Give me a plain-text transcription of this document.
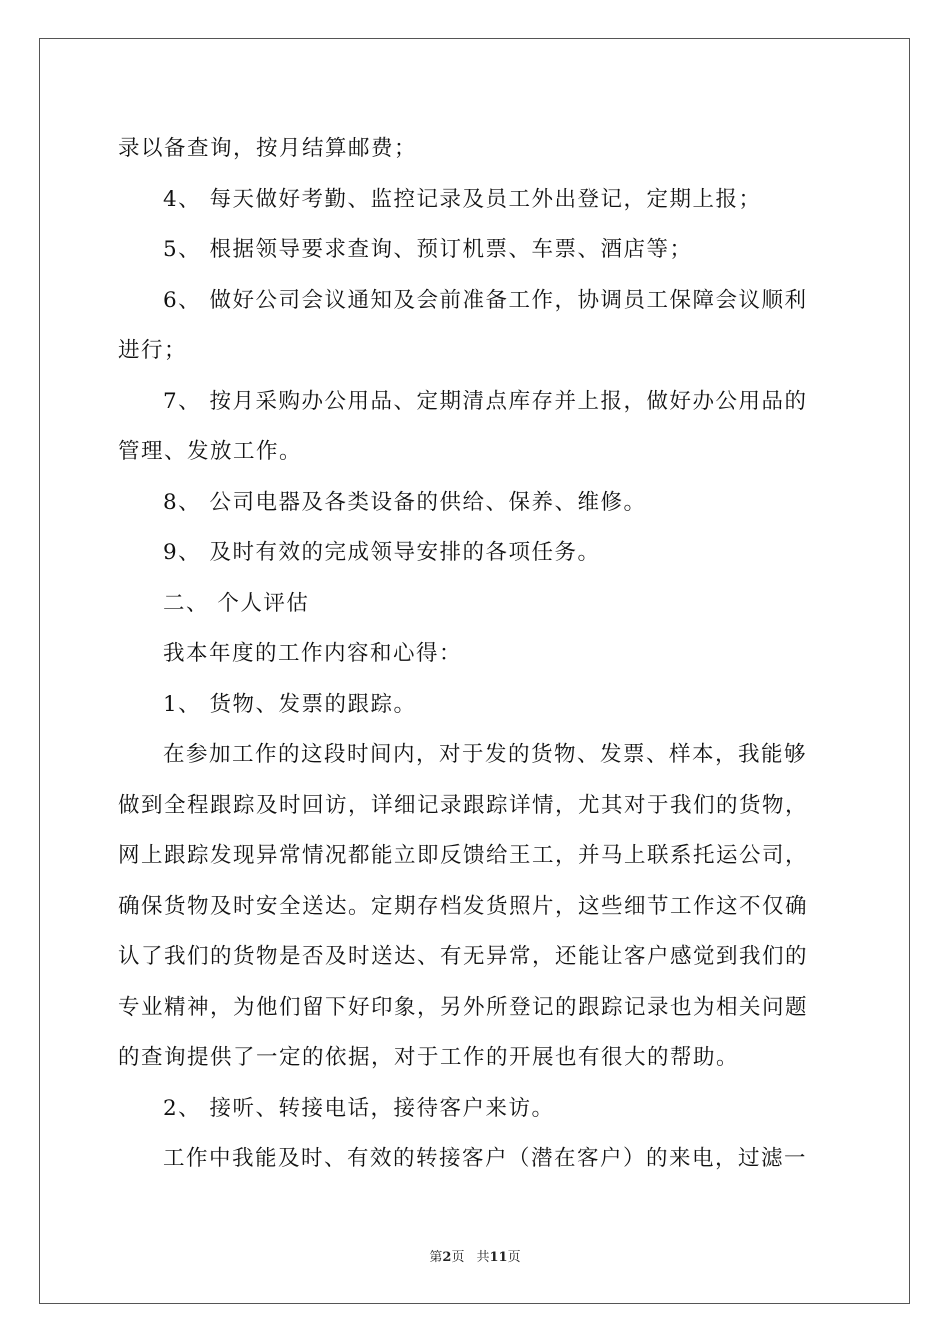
录以备查询，按月结算邮费；
4、 每天做好考勤、监控记录及员工外出登记，定期上报；
5、 根据领导要求查询、预订机票、车票、酒店等；
6、 做好公司会议通知及会前准备工作，协调员工保障会议顺利
进行；
7、 按月采购办公用品、定期清点库存并上报，做好办公用品的
管理、发放工作。
8、 公司电器及各类设备的供给、保养、维修。
9、 及时有效的完成领导安排的各项任务。
二、 个人评估
我本年度的工作内容和心得：
1、 货物、发票的跟踪。
在参加工作的这段时间内，对于发的货物、发票、样本，我能够
做到全程跟踪及时回访，详细记录跟踪详情，尤其对于我们的货物，
网上跟踪发现异常情况都能立即反馈给王工，并马上联系托运公司，
确保货物及时安全送达。定期存档发货照片，这些细节工作这不仅确
认了我们的货物是否及时送达、有无异常，还能让客户感觉到我们的
专业精神，为他们留下好印象，另外所登记的跟踪记录也为相关问题
的查询提供了一定的依据，对于工作的开展也有很大的帮助。
2、 接听、转接电话，接待客户来访。
工作中我能及时、有效的转接客户（潜在客户）的来电，过滤一
第2页 共11页
